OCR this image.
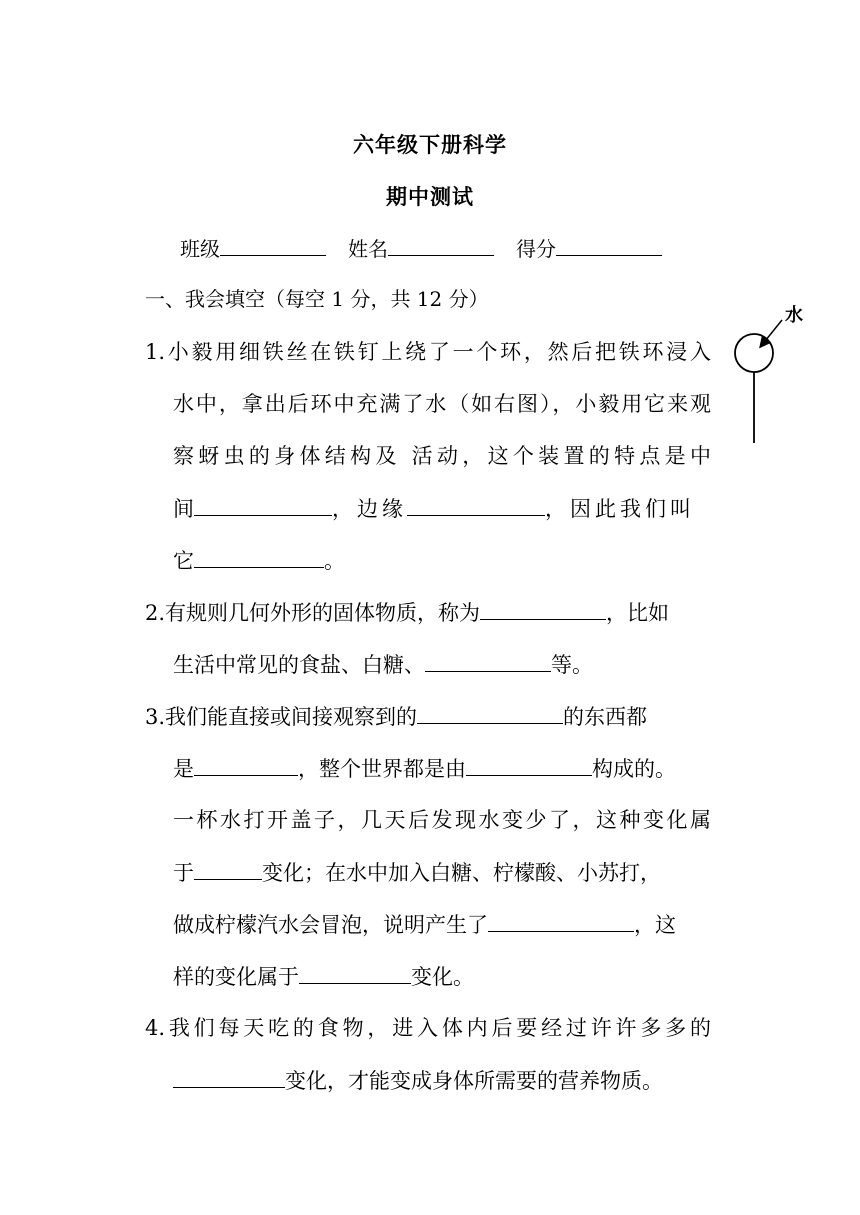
六年级下册科学
期中测试
班级	姓名	得分
一、我会填空（每空 1 分，共 12 分）
水
1.小毅用细铁丝在铁钉上绕了一个环，然后把铁环浸入
水中，拿出后环中充满了水（如右图），小毅用它来观
察蚜虫的身体结构及 活动，这个装置的特点是中
间	，边缘	，因此我们叫
它	。
2.有规则几何外形的固体物质，称为	，比如
生活中常见的食盐、白糖、	等。
3.我们能直接或间接观察到的	的东西都
是	，整个世界都是由	构成的。
一杯水打开盖子，几天后发现水变少了，这种变化属
于	变化；在水中加入白糖、柠檬酸、小苏打，
做成柠檬汽水会冒泡，说明产生了	，这
样的变化属于	变化。
4.我们每天吃的食物，进入体内后要经过许许多多的
变化，才能变成身体所需要的营养物质。
